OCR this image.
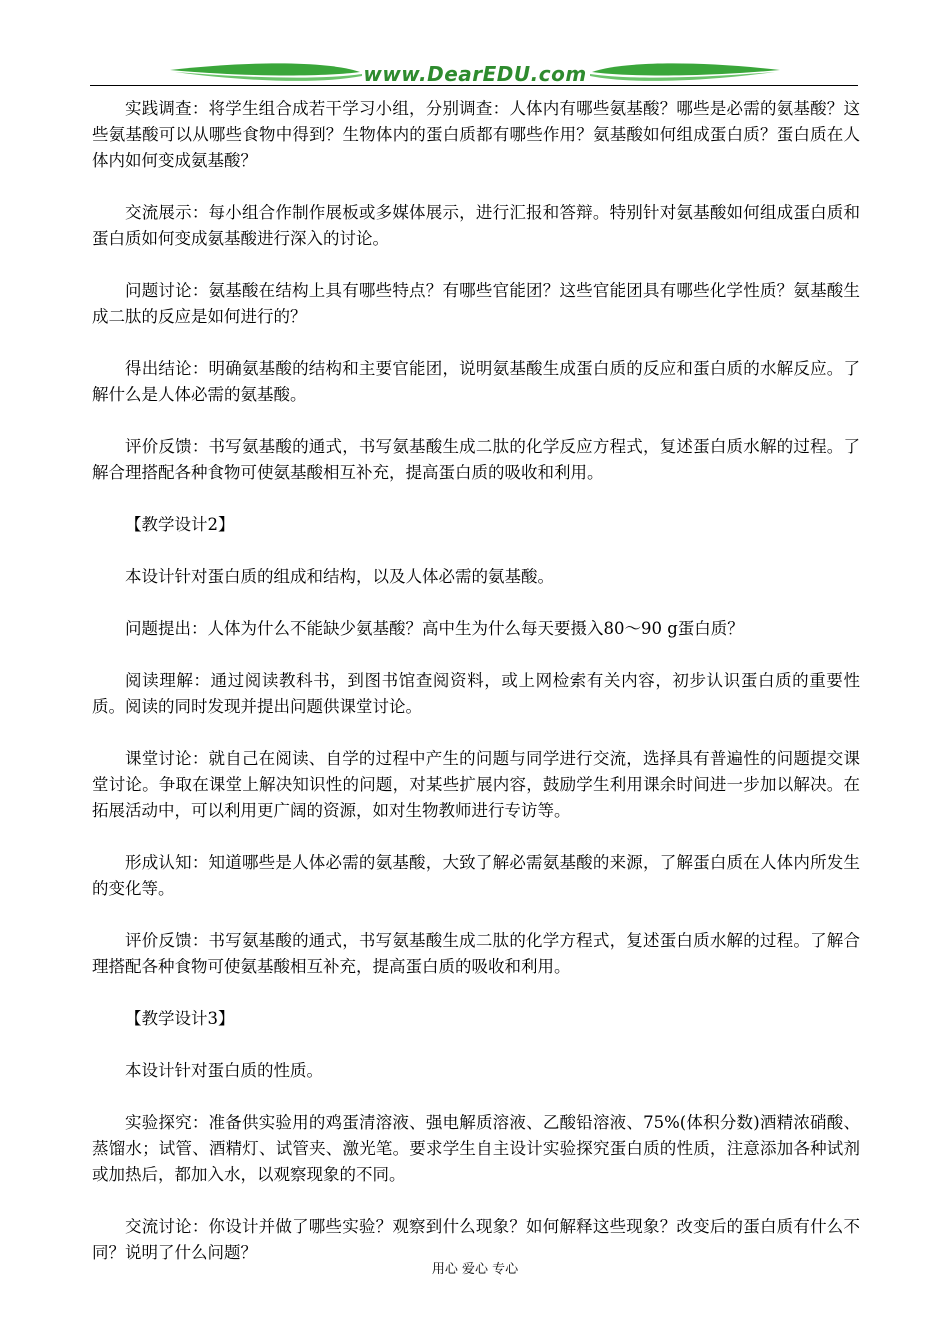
www.DearEDU.com

实践调查：将学生组合成若干学习小组，分别调查：人体内有哪些氨基酸？哪些是必需的氨基酸？这些氨基酸可以从哪些食物中得到？生物体内的蛋白质都有哪些作用？氨基酸如何组成蛋白质？蛋白质在人体内如何变成氨基酸？

交流展示：每小组合作制作展板或多媒体展示，进行汇报和答辩。特别针对氨基酸如何组成蛋白质和蛋白质如何变成氨基酸进行深入的讨论。

问题讨论：氨基酸在结构上具有哪些特点？有哪些官能团？这些官能团具有哪些化学性质？氨基酸生成二肽的反应是如何进行的？

得出结论：明确氨基酸的结构和主要官能团，说明氨基酸生成蛋白质的反应和蛋白质的水解反应。了解什么是人体必需的氨基酸。

评价反馈：书写氨基酸的通式，书写氨基酸生成二肽的化学反应方程式，复述蛋白质水解的过程。了解合理搭配各种食物可使氨基酸相互补充，提高蛋白质的吸收和利用。

【教学设计2】

本设计针对蛋白质的组成和结构，以及人体必需的氨基酸。

问题提出：人体为什么不能缺少氨基酸？高中生为什么每天要摄入80～90 g蛋白质？

阅读理解：通过阅读教科书，到图书馆查阅资料，或上网检索有关内容，初步认识蛋白质的重要性质。阅读的同时发现并提出问题供课堂讨论。

课堂讨论：就自己在阅读、自学的过程中产生的问题与同学进行交流，选择具有普遍性的问题提交课堂讨论。争取在课堂上解决知识性的问题，对某些扩展内容，鼓励学生利用课余时间进一步加以解决。在拓展活动中，可以利用更广阔的资源，如对生物教师进行专访等。

形成认知：知道哪些是人体必需的氨基酸，大致了解必需氨基酸的来源，了解蛋白质在人体内所发生的变化等。

评价反馈：书写氨基酸的通式，书写氨基酸生成二肽的化学方程式，复述蛋白质水解的过程。了解合理搭配各种食物可使氨基酸相互补充，提高蛋白质的吸收和利用。

【教学设计3】

本设计针对蛋白质的性质。

实验探究：准备供实验用的鸡蛋清溶液、强电解质溶液、乙酸铅溶液、75%(体积分数)酒精浓硝酸、蒸馏水；试管、酒精灯、试管夹、激光笔。要求学生自主设计实验探究蛋白质的性质，注意添加各种试剂或加热后，都加入水，以观察现象的不同。

交流讨论：你设计并做了哪些实验？观察到什么现象？如何解释这些现象？改变后的蛋白质有什么不同？说明了什么问题？

用心 爱心 专心
